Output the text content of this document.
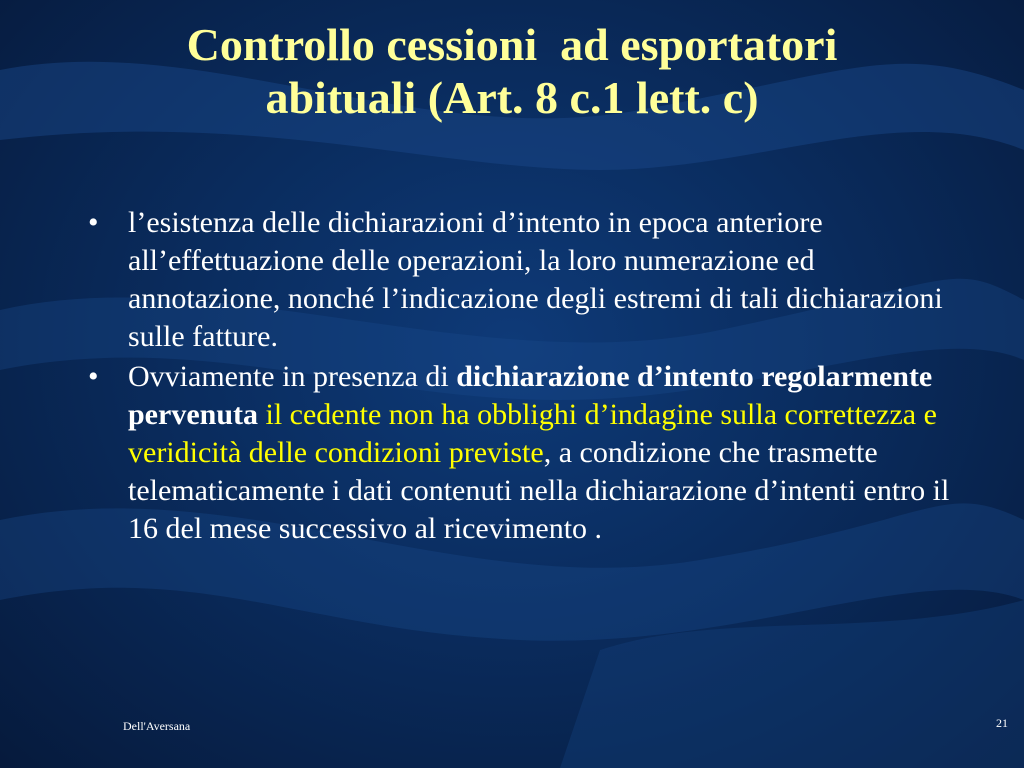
Controllo cessioni  ad esportatori
abituali (Art. 8 c.1 lett. c)
• l’esistenza delle dichiarazioni d’intento in epoca anteriore all’effettuazione delle operazioni, la loro numerazione ed annotazione, nonché l’indicazione degli estremi di tali dichiarazioni sulle fatture.
• Ovviamente in presenza di dichiarazione d’intento regolarmente pervenuta il cedente non ha obblighi d’indagine sulla correttezza e veridicità delle condizioni previste, a condizione che trasmette telematicamente i dati contenuti nella dichiarazione d’intenti entro il 16 del mese successivo al ricevimento .
Dell'Aversana	21
